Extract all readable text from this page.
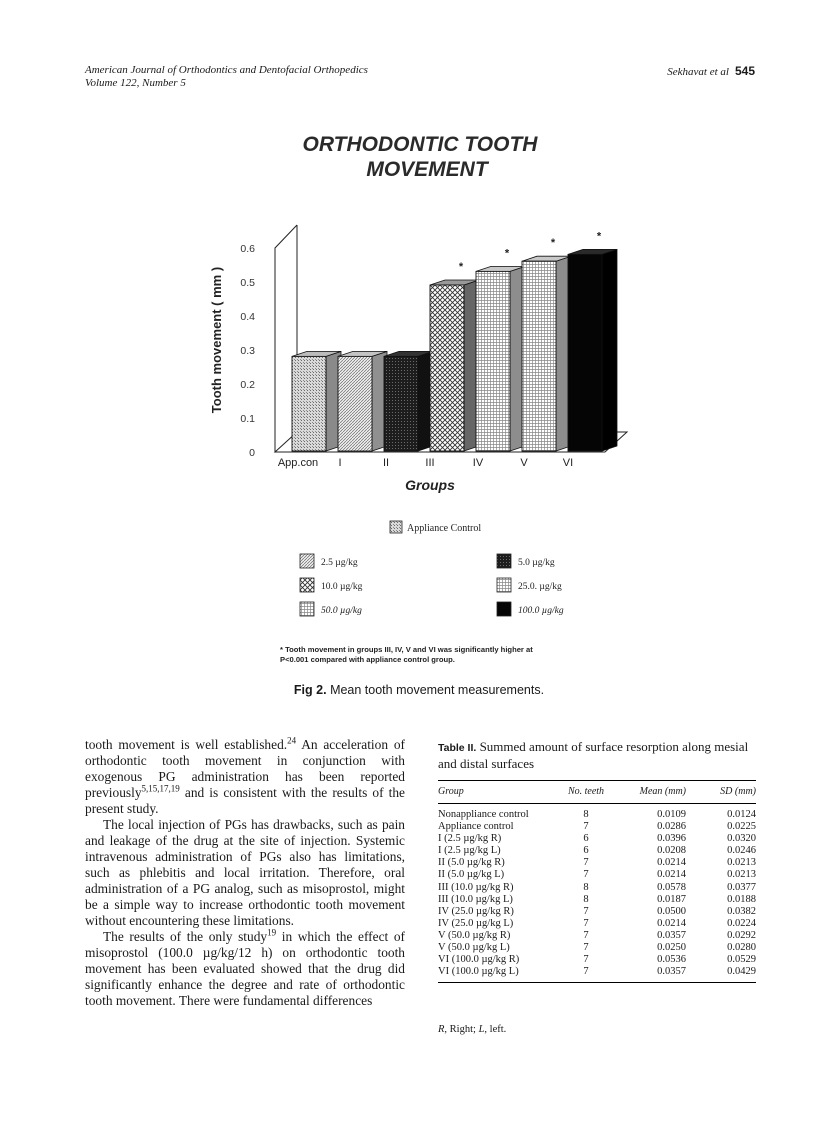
American Journal of Orthodontics and Dentofacial Orthopedics
Volume 122, Number 5
Sekhavat et al 545
ORTHODONTIC TOOTH
MOVEMENT
Tooth movement ( mm )
0
0.1
0.2
0.3
0.4
0.5
0.6
*
*
*
*
App.con I	II	III	IV	V	VI
Groups
Appliance Control
2.5 µg/kg	5.0 µg/kg
10.0 µg/kg	25.0. µg/kg
50.0 µg/kg	100.0 µg/kg
* Tooth movement in groups III, IV, V and VI was significantly higher at
P<0.001 compared with appliance control group.
Fig 2. Mean tooth movement measurements.

tooth movement is well established.$^{24}$ An acceleration of orthodontic tooth movement in conjunction with exogenous PG administration has been reported previously$^{5,15,17,19}$ and is consistent with the results of the present study.

The local injection of PGs has drawbacks, such as pain and leakage of the drug at the site of injection. Systemic intravenous administration of PGs also has limitations, such as phlebitis and local irritation. Therefore, oral administration of a PG analog, such as misoprostol, might be a simple way to increase orthodontic tooth movement without encountering these limitations.

The results of the only study$^{19}$ in which the effect of misoprostol (100.0 µg/kg/12 h) on orthodontic tooth movement has been evaluated showed that the drug did significantly enhance the degree and rate of orthodontic tooth movement. There were fundamental differences

Table II. Summed amount of surface resorption along mesial and distal surfaces
Group	No. teeth	Mean (mm)	SD (mm)
Nonappliance control	8	0.0109	0.0124
Appliance control	7	0.0286	0.0225
I (2.5 µg/kg R)	6	0.0396	0.0320
I (2.5 µg/kg L)	6	0.0208	0.0246
II (5.0 µg/kg R)	7	0.0214	0.0213
II (5.0 µg/kg L)	7	0.0214	0.0213
III (10.0 µg/kg R)	8	0.0578	0.0377
III (10.0 µg/kg L)	8	0.0187	0.0188
IV (25.0 µg/kg R)	7	0.0500	0.0382
IV (25.0 µg/kg L)	7	0.0214	0.0224
V (50.0 µg/kg R)	7	0.0357	0.0292
V (50.0 µg/kg L)	7	0.0250	0.0280
VI (100.0 µg/kg R)	7	0.0536	0.0529
VI (100.0 µg/kg L)	7	0.0357	0.0429
R, Right; L, left.
